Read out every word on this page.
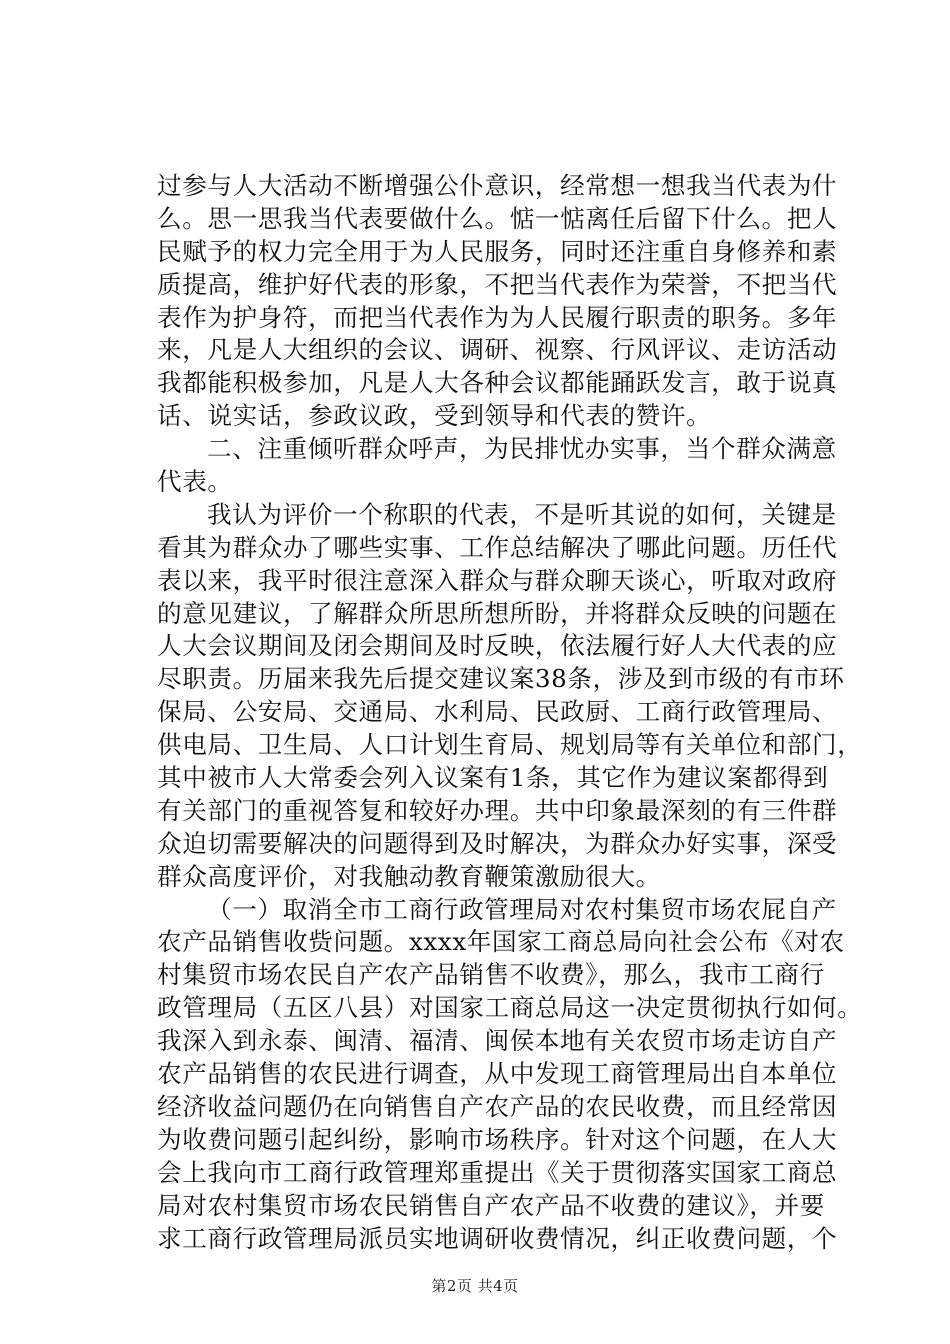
过参与人大活动不断增强公仆意识，经常想一想我当代表为什
么。思一思我当代表要做什么。惦一惦离任后留下什么。把人
民赋予的权力完全用于为人民服务，同时还注重自身修养和素
质提高，维护好代表的形象，不把当代表作为荣誉，不把当代
表作为护身符，而把当代表作为为人民履行职责的职务。多年
来，凡是人大组织的会议、调研、视察、行风评议、走访活动
我都能积极参加，凡是人大各种会议都能踊跃发言，敢于说真
话、说实话，参政议政，受到领导和代表的赞许。
二、注重倾听群众呼声，为民排忧办实事，当个群众满意
代表。
我认为评价一个称职的代表，不是听其说的如何，关键是
看其为群众办了哪些实事、工作总结解决了哪此问题。历任代
表以来，我平时很注意深入群众与群众聊天谈心，听取对政府
的意见建议，了解群众所思所想所盼，并将群众反映的问题在
人大会议期间及闭会期间及时反映，依法履行好人大代表的应
尽职责。历届来我先后提交建议案38条，涉及到市级的有市环
保局、公安局、交通局、水利局、民政厨、工商行政管理局、
供电局、卫生局、人口计划生育局、规划局等有关单位和部门，
其中被市人大常委会列入议案有1条，其它作为建议案都得到
有关部门的重视答复和较好办理。共中印象最深刻的有三件群
众迫切需要解决的问题得到及时解决，为群众办好实事，深受
群众高度评价，对我触动教育鞭策激励很大。
（一）取消全市工商行政管理局对农村集贸市场农屁自产
农产品销售收赀问题。xxxx年国家工商总局向社会公布《对农
村集贸市场农民自产农产品销售不收费》，那么，我市工商行
政管理局（五区八县）对国家工商总局这一决定贯彻执行如何。
我深入到永泰、闽清、福清、闽侯本地有关农贸市场走访自产
农产品销售的农民进行调查，从中发现工商管理局出自本单位
经济收益问题仍在向销售自产农产品的农民收费，而且经常因
为收费问题引起纠纷，影响市场秩序。针对这个问题，在人大
会上我向市工商行政管理郑重提出《关于贯彻落实国家工商总
局对农村集贸市场农民销售自产农产品不收费的建议》，并要
求工商行政管理局派员实地调研收费情况，纠正收费问题，个
第2页 共4页
